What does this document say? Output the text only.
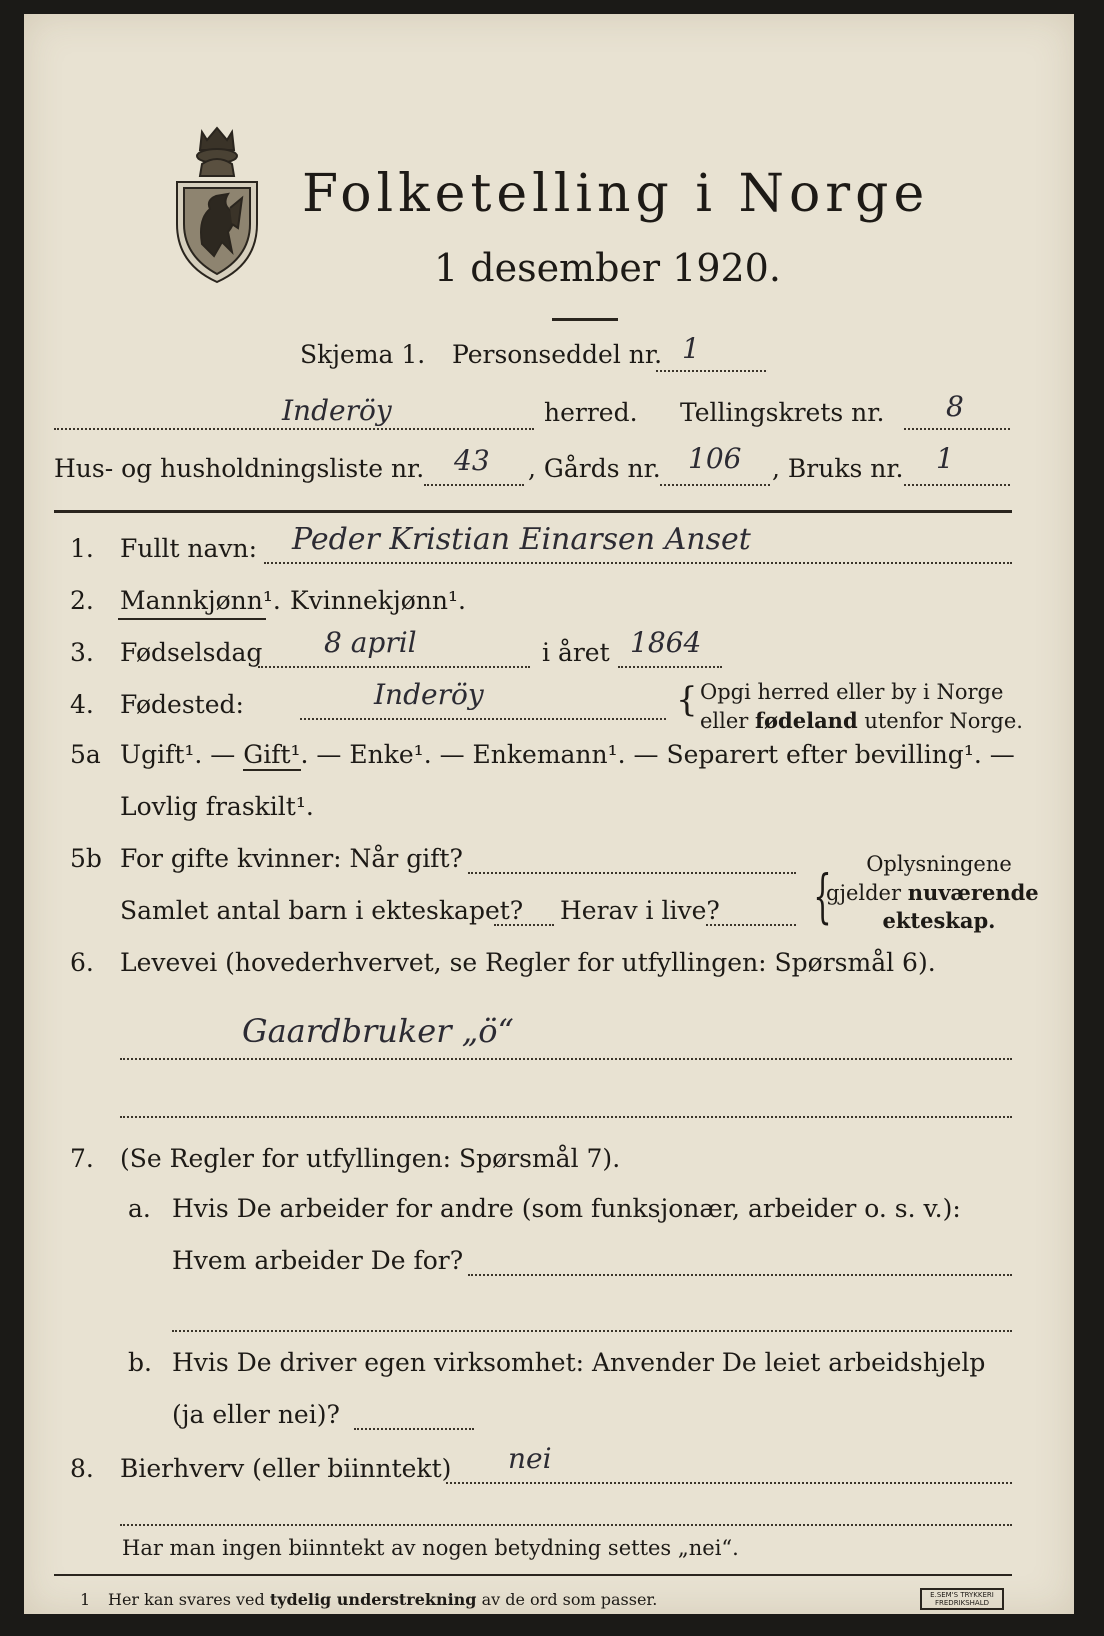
Folketelling i Norge
1 desember 1920.
Skjema 1. Personseddel nr. 1
Inderöy	herred. Tellingskrets nr. 8
Hus- og husholdningsliste nr. 43 , Gårds nr. 106 , Bruks nr. 1
1. Fullt navn: Peder Kristian Einarsen Anset
2. Mannkjønn¹. Kvinnekjønn¹.
3. Fødselsdag 8 april	i året 1864
4. Fødested:	Inderöy	{ Opgi herred eller by i Norge
eller fødeland utenfor Norge.
5a Ugift¹. — Gift¹. — Enke¹. — Enkemann¹. — Separert efter bevilling¹. —
Lovlig fraskilt¹.
5b For gifte kvinner: Når gift?
Samlet antal barn i ekteskapet? Herav i live? {	Oplysningene
gjelder nuværende
ekteskap.
6. Levevei (hovederhvervet, se Regler for utfyllingen: Spørsmål 6).
Gaardbruker „ö“
7. (Se Regler for utfyllingen: Spørsmål 7).
a. Hvis De arbeider for andre (som funksjonær, arbeider o. s. v.):
Hvem arbeider De for?
b. Hvis De driver egen virksomhet: Anvender De leiet arbeidshjelp
(ja eller nei)?
8. Bierhverv (eller biinntekt) nei
Har man ingen biinntekt av nogen betydning settes „nei“.
1 Her kan svares ved tydelig understrekning av de ord som passer.	E.SEM'S TRYKKERI
FREDRIKSHALD
